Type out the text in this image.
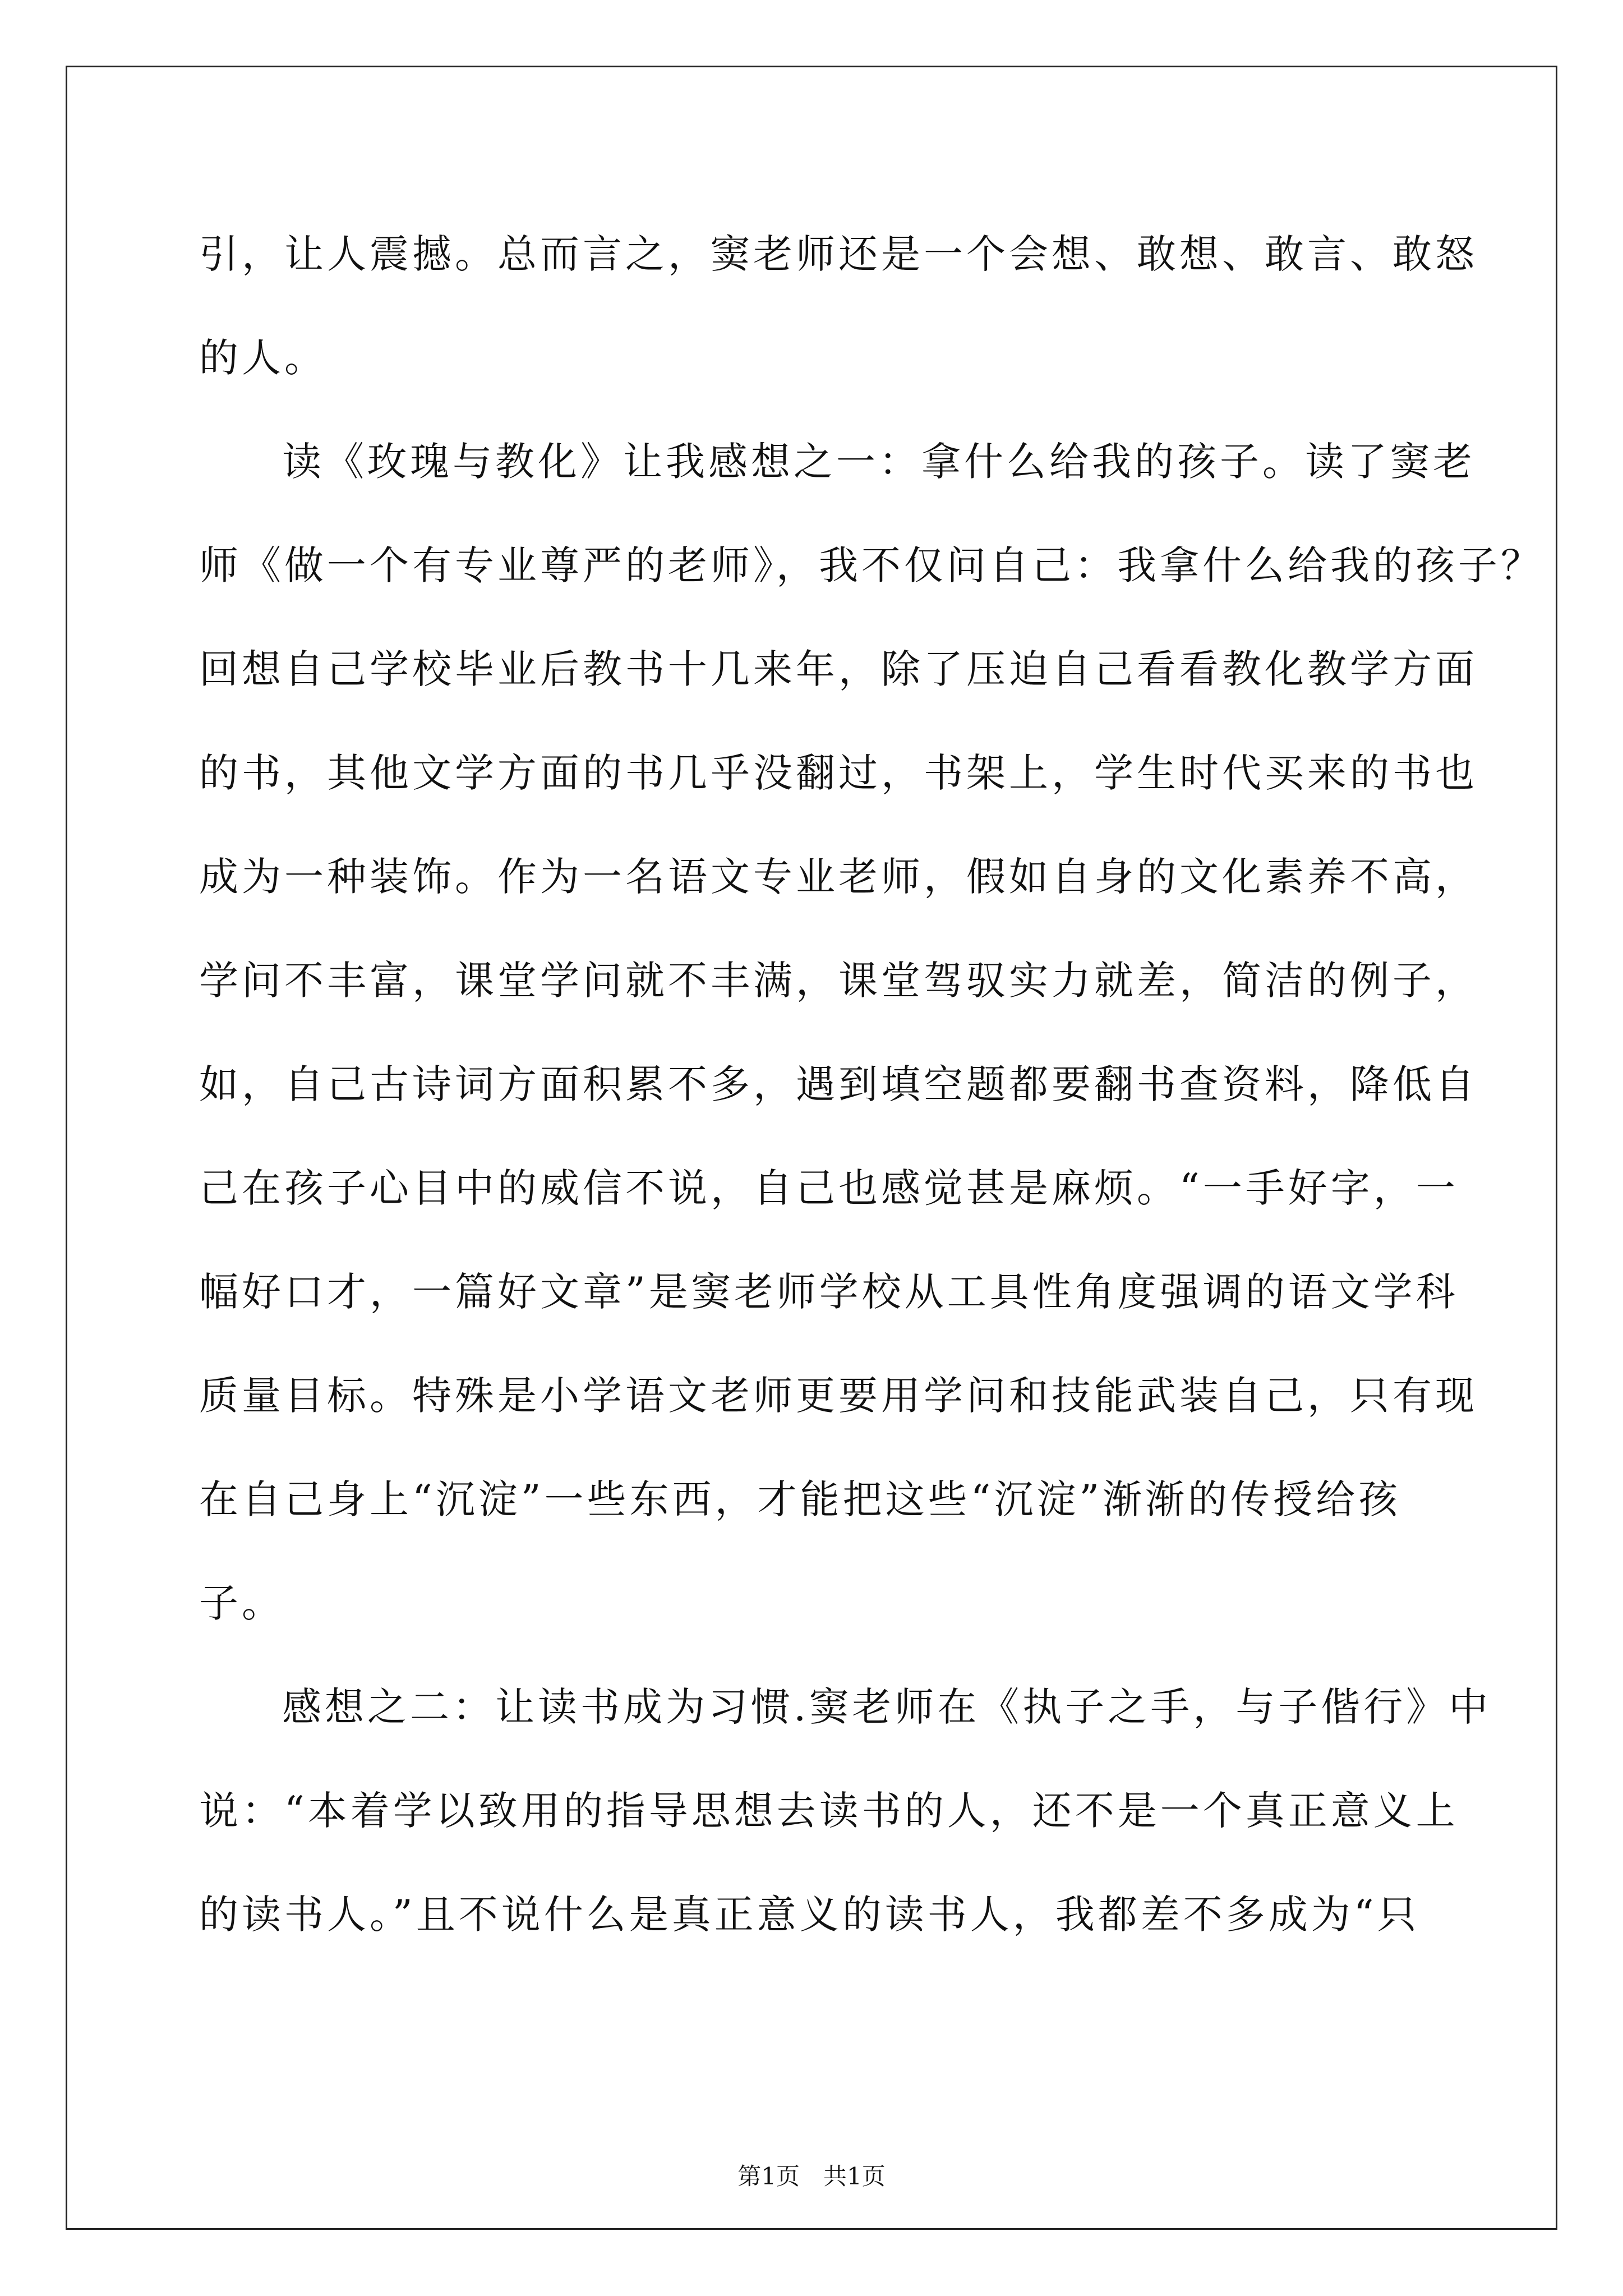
引，让人震撼。总而言之，窦老师还是一个会想、敢想、敢言、敢怒
的人。
读《玫瑰与教化》让我感想之一：拿什么给我的孩子。读了窦老
师《做一个有专业尊严的老师》，我不仅问自己：我拿什么给我的孩子？
回想自己学校毕业后教书十几来年，除了压迫自己看看教化教学方面
的书，其他文学方面的书几乎没翻过，书架上，学生时代买来的书也
成为一种装饰。作为一名语文专业老师，假如自身的文化素养不高，
学问不丰富，课堂学问就不丰满，课堂驾驭实力就差，简洁的例子，
如，自己古诗词方面积累不多，遇到填空题都要翻书查资料，降低自
己在孩子心目中的威信不说，自己也感觉甚是麻烦。“一手好字，一
幅好口才，一篇好文章”是窦老师学校从工具性角度强调的语文学科
质量目标。特殊是小学语文老师更要用学问和技能武装自己，只有现
在自己身上“沉淀”一些东西，才能把这些“沉淀”渐渐的传授给孩
子。
感想之二：让读书成为习惯.窦老师在《执子之手，与子偕行》中
说：“本着学以致用的指导思想去读书的人，还不是一个真正意义上
的读书人。”且不说什么是真正意义的读书人，我都差不多成为“只
第1页　共1页
